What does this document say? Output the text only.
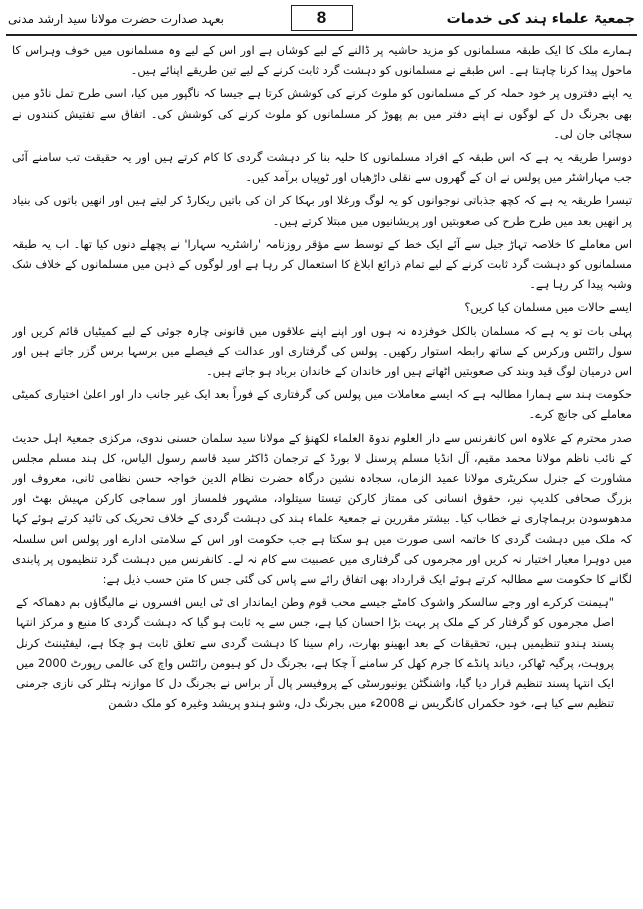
بعہد صدارت حضرت مولانا سید ارشد مدنی	8	جمعیۃ علماء ہند کی خدمات

ہمارے ملک کا ایک طبقہ مسلمانوں کو مزید حاشیہ پر ڈالنے کے لیے کوشاں ہے اور اس کے لیے وہ مسلمانوں میں خوف وہراس کا ماحول پیدا کرنا چاہتا ہے۔ اس طبقے نے مسلمانوں کو دہشت گرد ثابت کرنے کے لیے تین طریقے اپنائے ہیں۔

یہ اپنے دفتروں پر خود حملہ کر کے مسلمانوں کو ملوث کرنے کی کوشش کرتا ہے جیسا کہ ناگپور میں کیا، اسی طرح تمل ناڈو میں بھی بجرنگ دل کے لوگوں نے اپنے دفتر میں بم پھوڑ کر مسلمانوں کو ملوث کرنے کی کوشش کی۔ اتفاق سے تفتیش کنندوں نے سچائی جان لی۔

دوسرا طریقہ یہ ہے کہ اس طبقہ کے افراد مسلمانوں کا حلیہ بنا کر دہشت گردی کا کام کرتے ہیں اور یہ حقیقت تب سامنے آئی جب مہاراشٹر میں پولس نے ان کے گھروں سے نقلی داڑھیاں اور ٹوپیاں برآمد کیں۔

تیسرا طریقہ یہ ہے کہ کچھ جذباتی نوجوانوں کو یہ لوگ ورغلا اور بہکا کر ان کی باتیں ریکارڈ کر لیتے ہیں اور انھیں باتوں کی بنیاد پر انھیں بعد میں طرح طرح کی صعوبتیں اور پریشانیوں میں مبتلا کرتے ہیں۔

اس معاملے کا خلاصہ تہاڑ جیل سے آئے ایک خط کے توسط سے مؤقر روزنامہ 'راشٹریہ سہارا' نے پچھلے دنوں کیا تھا۔ اب یہ طبقہ مسلمانوں کو دہشت گرد ثابت کرنے کے لیے تمام ذرائع ابلاغ کا استعمال کر رہا ہے اور لوگوں کے ذہن میں مسلمانوں کے خلاف شک وشبہ پیدا کر رہا ہے۔

ایسے حالات میں مسلمان کیا کریں؟

پہلی بات تو یہ ہے کہ مسلمان بالکل خوفزدہ نہ ہوں اور اپنے اپنے علاقوں میں قانونی چارہ جوئی کے لیے کمیٹیاں قائم کریں اور سول رائٹس ورکرس کے ساتھ رابطہ استوار رکھیں۔ پولس کی گرفتاری اور عدالت کے فیصلے میں برسہا برس گزر جاتے ہیں اور اس درمیان لوگ قید وبند کی صعوبتیں اٹھاتے ہیں اور خاندان کے خاندان برباد ہو جاتے ہیں۔

حکومت ہند سے ہمارا مطالبہ ہے کہ ایسے معاملات میں پولس کی گرفتاری کے فوراً بعد ایک غیر جانب دار اور اعلیٰ اختیاری کمیٹی معاملے کی جانچ کرے۔

صدر محترم کے علاوہ اس کانفرنس سے دار العلوم ندوۃ العلماء لکھنؤ کے مولانا سید سلمان حسنی ندوی، مرکزی جمعیۃ اہل حدیث کے نائب ناظم مولانا محمد مقیم، آل انڈیا مسلم پرسنل لا بورڈ کے ترجمان ڈاکٹر سید قاسم رسول الیاس، کل ہند مسلم مجلس مشاورت کے جنرل سکریٹری مولانا عمید الزماں، سجادہ نشین درگاہ حضرت نظام الدین خواجہ حسن نظامی ثانی، معروف اور بزرگ صحافی کلدیپ نیر، حقوق انسانی کی ممتاز کارکن تیستا سیتلواد، مشہور فلمساز اور سماجی کارکن مہیش بھٹ اور مدھوسودن برہماچاری نے خطاب کیا۔ بیشتر مقررین نے جمعیۃ علماء ہند کی دہشت گردی کے خلاف تحریک کی تائید کرتے ہوئے کہا کہ ملک میں دہشت گردی کا خاتمہ اسی صورت میں ہو سکتا ہے جب حکومت اور اس کے سلامتی ادارے اور پولس اس سلسلہ میں دوہرا معیار اختیار نہ کریں اور مجرموں کی گرفتاری میں عصبیت سے کام نہ لے۔ کانفرنس میں دہشت گرد تنظیموں پر پابندی لگانے کا حکومت سے مطالبہ کرتے ہوئے ایک قرارداد بھی اتفاق رائے سے پاس کی گئی جس کا متن حسب ذیل ہے:

"ہیمنت کرکرے اور وجے سالسکر واشوک کامٹے جیسے محب قوم وطن ایماندار ای ٹی ایس افسروں نے مالیگاؤں بم دھماکہ کے اصل مجرموں کو گرفتار کر کے ملک پر بہت بڑا احسان کیا ہے، جس سے یہ ثابت ہو گیا کہ دہشت گردی کا منبع و مرکز انتہا پسند ہندو تنظیمیں ہیں، تحقیقات کے بعد ابھینو بھارت، رام سینا کا دہشت گردی سے تعلق ثابت ہو چکا ہے، لیفٹیننٹ کرنل پروہت، پرگیہ ٹھاکر، دیاند پانڈے کا جرم کھل کر سامنے آ چکا ہے، بجرنگ دل کو ہیومن رائٹس واچ کی عالمی رپورٹ 2000 میں ایک انتہا پسند تنظیم قرار دیا گیا، واشنگٹن یونیورسٹی کے پروفیسر پال آر براس نے بجرنگ دل کا موازنہ ہٹلر کی نازی جرمنی تنظیم سے کیا ہے، خود حکمراں کانگریس نے 2008ء میں بجرنگ دل، وشو ہندو پریشد وغیرہ کو ملک دشمن
